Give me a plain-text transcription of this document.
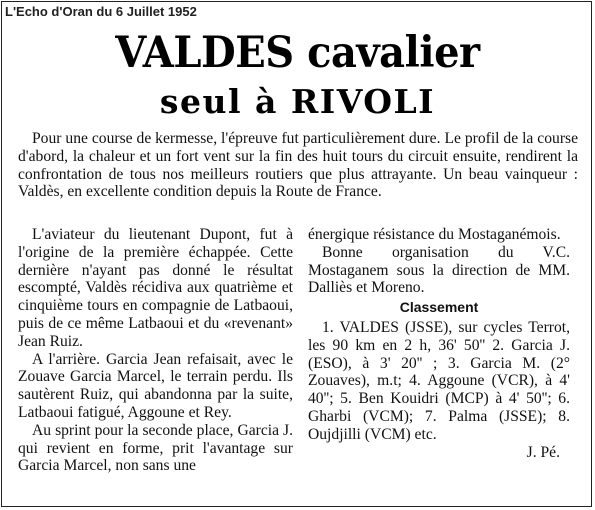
L'Echo d'Oran du 6 Juillet 1952
VALDES cavalier
seul à RIVOLI
Pour une course de kermesse, l'épreuve fut particulièrement dure. Le profil de la course d'abord, la chaleur et un fort vent sur la fin des huit tours du circuit ensuite, rendirent la confrontation de tous nos meilleurs routiers que plus attrayante. Un beau vainqueur : Valdès, en excellente condition depuis la Route de France.

L'aviateur du lieutenant Dupont, fut à l'origine de la première échappée. Cette dernière n'ayant pas donné le résultat escompté, Valdès récidiva aux quatrième et cinquième tours en compagnie de Latbaoui, puis de ce même Latbaoui et du «revenant» Jean Ruiz.

A l'arrière. Garcia Jean refaisait, avec le Zouave Garcia Marcel, le terrain perdu. Ils sautèrent Ruiz, qui abandonna par la suite, Latbaoui fatigué, Aggoune et Rey.

Au sprint pour la seconde place, Garcia J. qui revient en forme, prit l'avantage sur Garcia Marcel, non sans une

énergique résistance du Mostaganémois.

Bonne organisation du V.C. Mostaganem sous la direction de MM. Dalliès et Moreno.

Classement

1. VALDES (JSSE), sur cycles Terrot, les 90 km en 2 h, 36' 50'' 2. Garcia J. (ESO), à 3' 20'' ; 3. Garcia M. (2° Zouaves), m.t; 4. Aggoune (VCR), à 4' 40''; 5. Ben Kouidri (MCP) à 4' 50''; 6. Gharbi (VCM); 7. Palma (JSSE); 8. Oujdjilli (VCM) etc.

J. Pé.
